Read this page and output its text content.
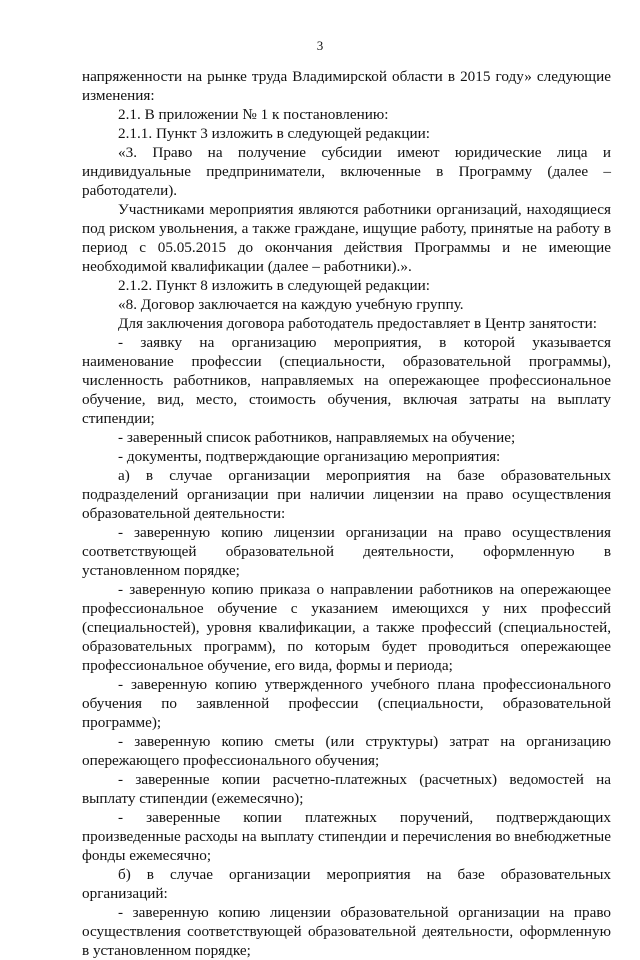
3

напряженности на рынке труда Владимирской области в 2015 году» следующие изменения:

2.1. В приложении № 1 к постановлению:

2.1.1. Пункт 3 изложить в следующей редакции:

«3. Право на получение субсидии имеют юридические лица и индивидуальные предприниматели, включенные в Программу (далее – работодатели).

Участниками мероприятия являются работники организаций, находящиеся под риском увольнения, а также граждане, ищущие работу, принятые на работу в период с 05.05.2015 до окончания действия Программы и не имеющие необходимой квалификации (далее – работники).».

2.1.2. Пункт 8 изложить в следующей редакции:

«8. Договор заключается на каждую учебную группу.

Для заключения договора работодатель предоставляет в Центр занятости:

- заявку на организацию мероприятия, в которой указывается наименование профессии (специальности, образовательной программы), численность работников, направляемых на опережающее профессиональное обучение, вид, место, стоимость обучения, включая затраты на выплату стипендии;

- заверенный список работников, направляемых на обучение;

- документы, подтверждающие организацию мероприятия:

а) в случае организации мероприятия на базе образовательных подразделений организации при наличии лицензии на право осуществления образовательной деятельности:

- заверенную копию лицензии организации на право осуществления соответствующей образовательной деятельности, оформленную в установленном порядке;

- заверенную копию приказа о направлении работников на опережающее профессиональное обучение с указанием имеющихся у них профессий (специальностей), уровня квалификации, а также профессий (специальностей, образовательных программ), по которым будет проводиться опережающее профессиональное обучение, его вида, формы и периода;

- заверенную копию утвержденного учебного плана профессионального обучения по заявленной профессии (специальности, образовательной программе);

- заверенную копию сметы (или структуры) затрат на организацию опережающего профессионального обучения;

- заверенные копии расчетно-платежных (расчетных) ведомостей на выплату стипендии (ежемесячно);

- заверенные копии платежных поручений, подтверждающих произведенные расходы на выплату стипендии и перечисления во внебюджетные фонды ежемесячно;

б) в случае организации мероприятия на базе образовательных организаций:

- заверенную копию лицензии образовательной организации на право осуществления соответствующей образовательной деятельности, оформленную в установленном порядке;
